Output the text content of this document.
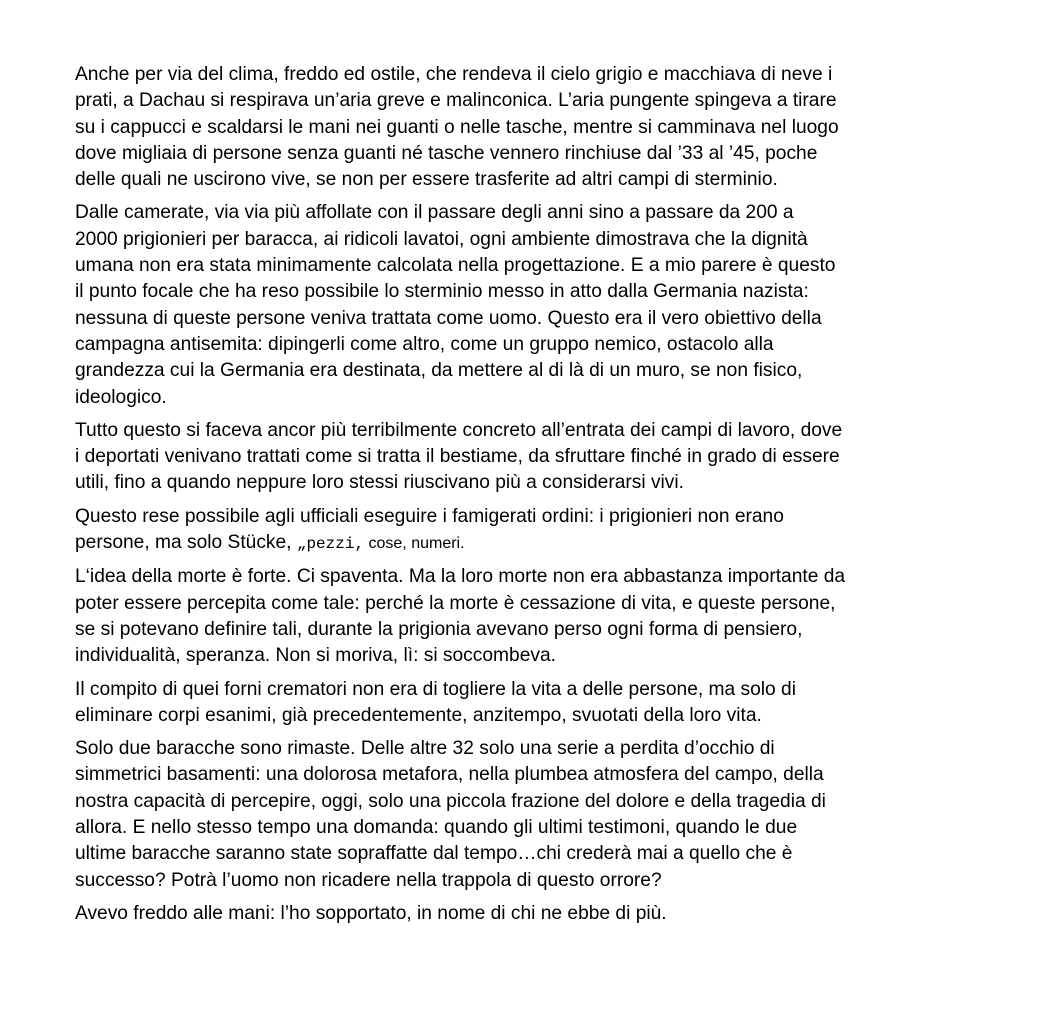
Anche per via del clima, freddo ed ostile, che rendeva il cielo grigio e macchiava di neve i
prati, a Dachau si respirava un’aria greve e malinconica. L’aria pungente spingeva a tirare
su i cappucci e scaldarsi le mani nei guanti o nelle tasche, mentre si camminava nel luogo
dove migliaia di persone senza guanti né tasche vennero rinchiuse dal ’33 al ’45, poche
delle quali ne uscirono vive, se non per essere trasferite ad altri campi di sterminio.

Dalle camerate, via via più affollate con il passare degli anni sino a passare da 200 a
2000 prigionieri per baracca, ai ridicoli lavatoi, ogni ambiente dimostrava che la dignità
umana non era stata minimamente calcolata nella progettazione. E a mio parere è questo
il punto focale che ha reso possibile lo sterminio messo in atto dalla Germania nazista:
nessuna di queste persone veniva trattata come uomo. Questo era il vero obiettivo della
campagna antisemita: dipingerli come altro, come un gruppo nemico, ostacolo alla
grandezza cui la Germania era destinata, da mettere al di là di un muro, se non fisico,
ideologico.

Tutto questo si faceva ancor più terribilmente concreto all’entrata dei campi di lavoro, dove
i deportati venivano trattati come si tratta il bestiame, da sfruttare finché in grado di essere
utili, fino a quando neppure loro stessi riuscivano più a considerarsi vivi.

Questo rese possibile agli ufficiali eseguire i famigerati ordini: i prigionieri non erano
persone, ma solo Stücke, „pezzi, cose, numeri.

L‘idea della morte è forte. Ci spaventa. Ma la loro morte non era abbastanza importante da
poter essere percepita come tale: perché la morte è cessazione di vita, e queste persone,
se si potevano definire tali, durante la prigionia avevano perso ogni forma di pensiero,
individualità, speranza. Non si moriva, lì: si soccombeva.

Il compito di quei forni crematori non era di togliere la vita a delle persone, ma solo di
eliminare corpi esanimi, già precedentemente, anzitempo, svuotati della loro vita.

Solo due baracche sono rimaste. Delle altre 32 solo una serie a perdita d’occhio di
simmetrici basamenti: una dolorosa metafora, nella plumbea atmosfera del campo, della
nostra capacità di percepire, oggi, solo una piccola frazione del dolore e della tragedia di
allora. E nello stesso tempo una domanda: quando gli ultimi testimoni, quando le due
ultime baracche saranno state sopraffatte dal tempo…chi crederà mai a quello che è
successo? Potrà l’uomo non ricadere nella trappola di questo orrore?

Avevo freddo alle mani: l’ho sopportato, in nome di chi ne ebbe di più.
